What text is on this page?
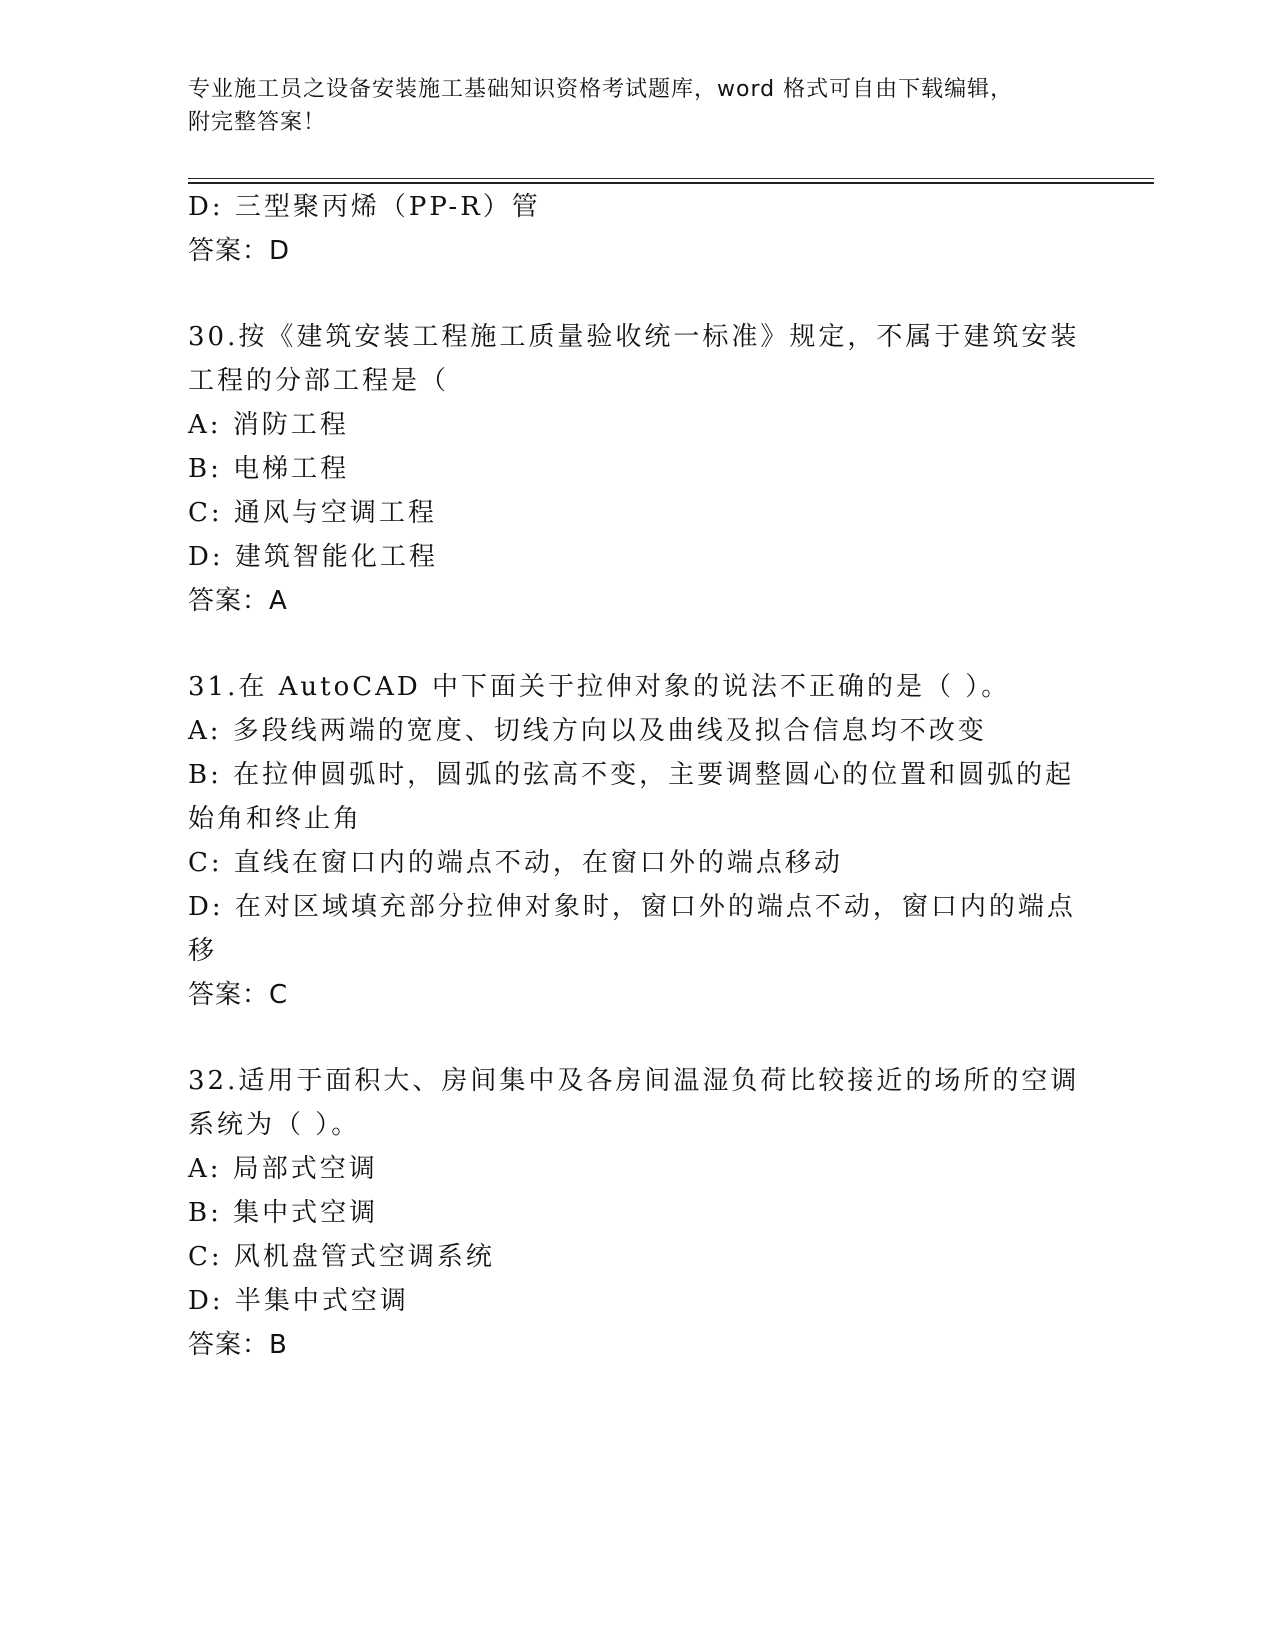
专业施工员之设备安装施工基础知识资格考试题库，word 格式可自由下载编辑，
附完整答案！
D: 三型聚丙烯（PP-R）管
答案：D
30.按《建筑安装工程施工质量验收统一标准》规定，不属于建筑安装
工程的分部工程是（
A: 消防工程
B: 电梯工程
C: 通风与空调工程
D: 建筑智能化工程
答案：A
31.在 AutoCAD 中下面关于拉伸对象的说法不正确的是（ ）。
A: 多段线两端的宽度、切线方向以及曲线及拟合信息均不改变
B: 在拉伸圆弧时，圆弧的弦高不变，主要调整圆心的位置和圆弧的起
始角和终止角
C: 直线在窗口内的端点不动，在窗口外的端点移动
D: 在对区域填充部分拉伸对象时，窗口外的端点不动，窗口内的端点
移
答案：C
32.适用于面积大、房间集中及各房间温湿负荷比较接近的场所的空调
系统为（ ）。
A: 局部式空调
B: 集中式空调
C: 风机盘管式空调系统
D: 半集中式空调
答案：B
